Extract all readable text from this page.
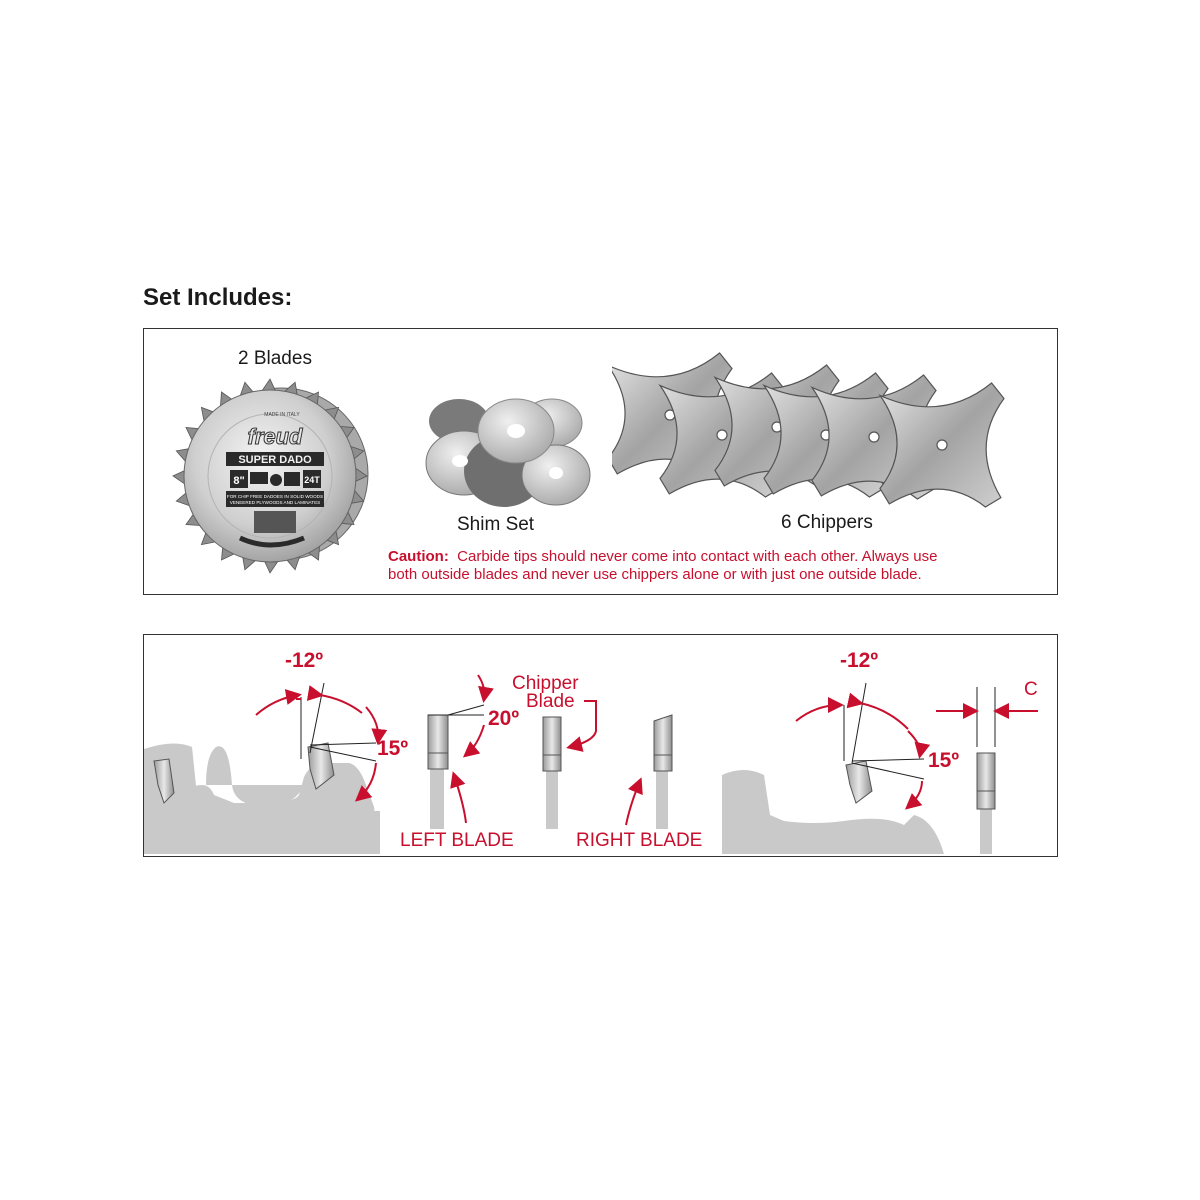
Set Includes:
2 Blades
Shim Set	6 Chippers
MADE IN ITALY
freud
SUPER DADO
8"	24T
FOR CHIP FREE DADOES IN SOLID WOODS
VENEERED PLYWOODS AND LAMINATES
Caution: Carbide tips should never come into contact with each other. Always use
both outside blades and never use chippers alone or with just one outside blade.
-12º
15º
20º
LEFT BLADE
Chipper
Blade
RIGHT BLADE
-12º
15º
C
